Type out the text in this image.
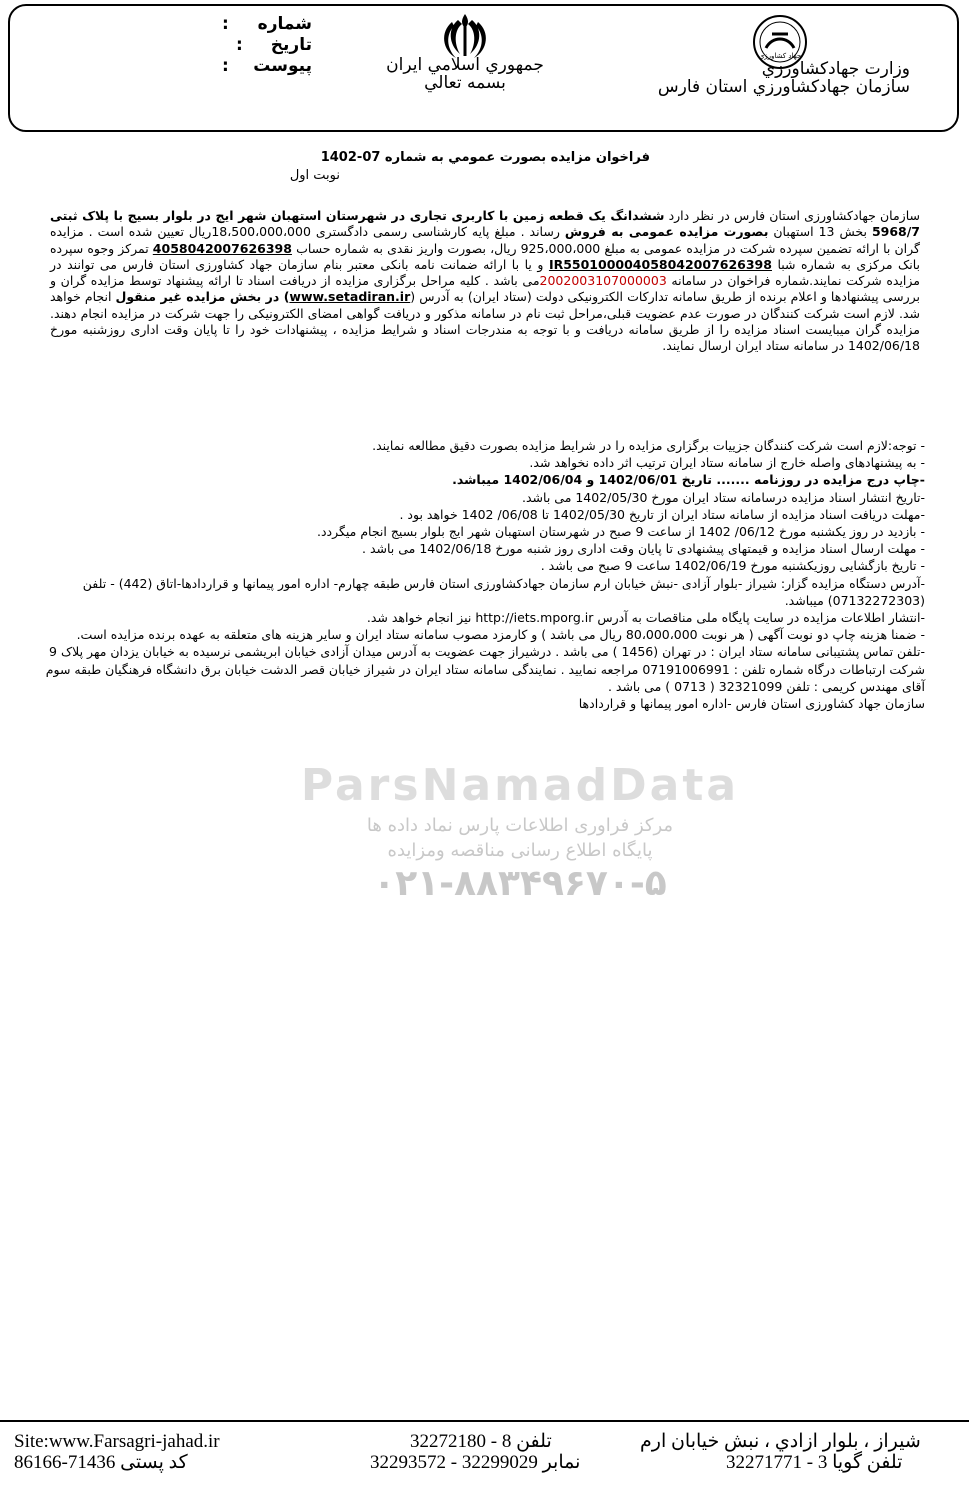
شماره
تاريخ
پيوست
:
:
:	جمهوري اسلامي ايران
بسمه تعالي
جهاد کشاورزی
وزارت جهادکشاورزي
سازمان جهادكشاورزي استان فارس
فراخوان مزايده بصورت عمومي به شماره 07-1402
نوبت اول
سازمان جهادکشاورزی استان فارس در نظر دارد ششدانگ یک قطعه زمین با کاربری تجاری در شهرستان استهبان شهر ایج در بلوار بسیج با پلاک ثبتی 5968/7 بخش 13 استهبان بصورت مزایده عمومی به فروش رساند . مبلغ پایه کارشناسی رسمی دادگستری 18،500،000،000ریال تعیین شده است . مزایده گران با ارائه تضمین سپرده شرکت در مزایده عمومی به مبلغ 925،000،000 ریال، بصورت واریز نقدی به شماره حساب 4058042007626398 تمرکز وجوه سپرده بانک مرکزی به شماره شبا IR550100004058042007626398 و یا با ارائه ضمانت نامه بانکی معتبر بنام سازمان جهاد کشاورزی استان فارس می توانند در مزایده شرکت نمایند.شماره فراخوان در سامانه 2002003107000003می باشد . کلیه مراحل برگزاری مزایده از دریافت اسناد تا ارائه پیشنهاد توسط مزایده گران و بررسی پیشنهادها و اعلام برنده از طریق سامانه تدارکات الکترونیکی دولت (ستاد ایران) به آدرس (www.setadiran.ir) در بخش مزایده غیر منقول انجام خواهد شد. لازم است شرکت کنندگان در صورت عدم عضویت قبلی،مراحل ثبت نام در سامانه مذکور و دریافت گواهی امضای الکترونیکی را جهت شرکت در مزایده انجام دهند. مزایده گران میبایست اسناد مزایده را از طریق سامانه دریافت و با توجه به مندرجات اسناد و شرایط مزایده ، پیشنهادات خود را تا پایان وقت اداری روزشنبه مورخ 1402/06/18 در سامانه ستاد ایران ارسال نمایند.
- توجه:لازم است شرکت کنندگان جزییات برگزاری مزایده را در شرایط مزایده بصورت دقیق مطالعه نمایند.
- به پیشنهادهای واصله خارج از سامانه ستاد ایران ترتیب اثر داده نخواهد شد.
-چاپ درج مزایده در روزنامه ....... تاریخ 1402/06/01 و 1402/06/04 میباشد.
-تاریخ انتشار اسناد مزایده درسامانه ستاد ایران مورخ 1402/05/30 می باشد.
-مهلت دریافت اسناد مزایده از سامانه ستاد ایران از تاریخ 1402/05/30 تا 06/08/ 1402 خواهد بود .
- بازدید در روز یکشنبه مورخ 06/12/ 1402 از ساعت 9 صبح در شهرستان استهبان شهر ایج بلوار بسیج انجام میگردد.
- مهلت ارسال اسناد مزایده و قیمتهای پیشنهادی تا پایان وقت اداری روز شنبه مورخ 1402/06/18 می باشد .
- تاریخ بازگشایی روزیکشنبه مورخ 1402/06/19 ساعت 9 صبح می باشد .
-آدرس دستگاه مزایده گزار: شیراز -بلوار آزادی -نبش خیابان ارم سازمان جهادکشاورزی استان فارس طبقه چهارم- اداره امور پیمانها و قراردادها-اتاق (442) - تلفن (07132272303) میباشد.
-انتشار اطلاعات مزایده در سایت پایگاه ملی مناقصات به آدرس http://iets.mporg.ir نیز انجام خواهد شد.
- ضمنا هزینه چاپ دو نوبت آگهی ( هر نوبت 80،000،000 ریال می باشد ) و کارمزد مصوب سامانه ستاد ایران و سایر هزینه های متعلقه به عهده برنده مزایده است.
-تلفن تماس پشتیبانی سامانه ستاد ایران : در تهران (1456 ) می باشد . درشیراز جهت عضویت به آدرس میدان آزادی خیابان ابریشمی نرسیده به خیابان یزدان مهر پلاک 9 شرکت ارتباطات درگاه شماره تلفن : 07191006991 مراجعه نمایید . نمایندگی سامانه ستاد ایران در شیراز خیابان قصر الدشت خیابان برق دانشگاه فرهنگیان طبقه سوم آقای مهندس کریمی : تلفن 32321099 ( 0713 ) می باشد .
سازمان جهاد کشاورزی استان فارس -اداره امور پیمانها و قراردادها
ParsNamadData
مرکز فراوری اطلاعات پارس نماد داده ها
پایگاه اطلاع رسانی مناقصه ومزایده
۰۲۱-۸۸۳۴۹۶۷۰-۵
Site:www.Farsagri-jahad.ir
کد پستی 71436-86166
تلفن 8 - 32272180
نمابر 32299029 - 32293572
شيراز ، بلوار ازادي ، نبش خيابان ارم
تلفن گويا 3 - 32271771
